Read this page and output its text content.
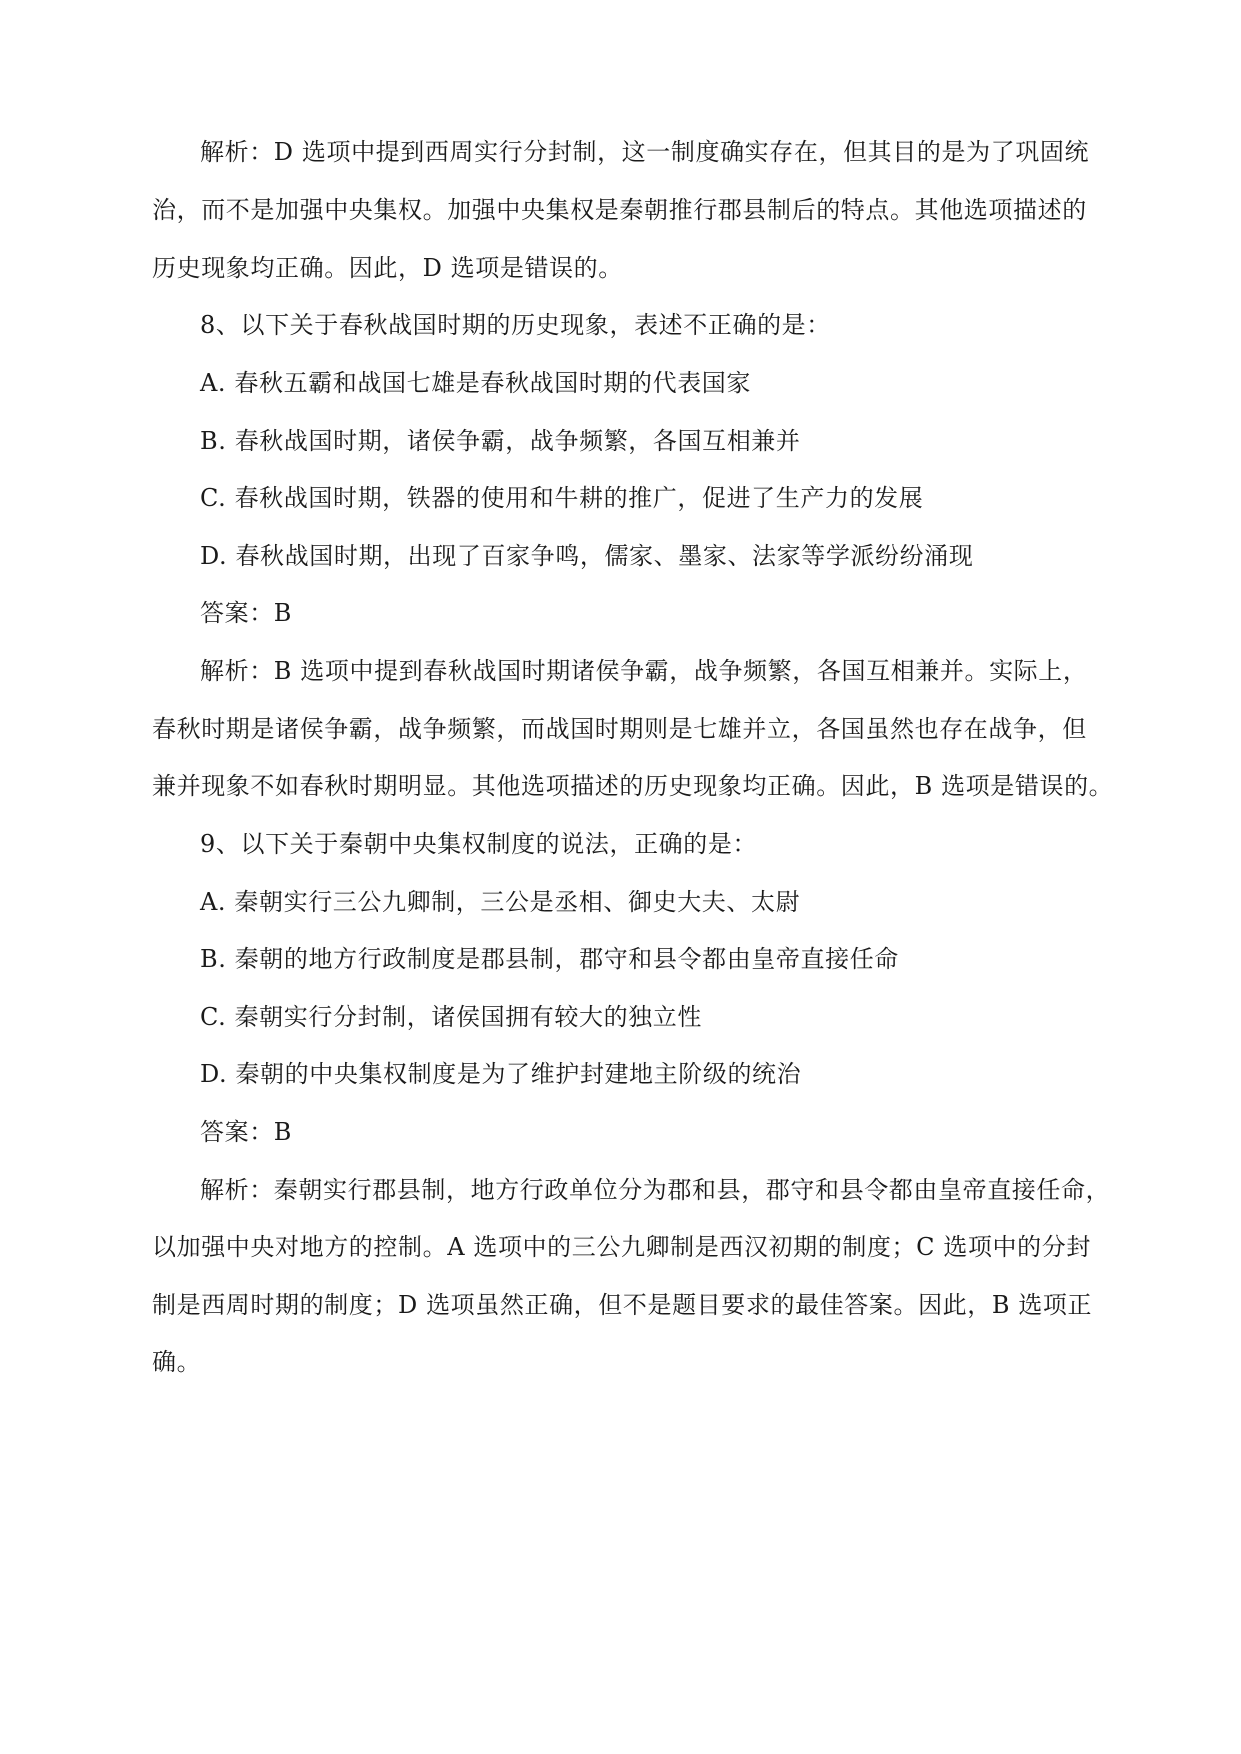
解析：D 选项中提到西周实行分封制，这一制度确实存在，但其目的是为了巩固统
治，而不是加强中央集权。加强中央集权是秦朝推行郡县制后的特点。其他选项描述的
历史现象均正确。因此，D 选项是错误的。
8、以下关于春秋战国时期的历史现象，表述不正确的是：
A. 春秋五霸和战国七雄是春秋战国时期的代表国家
B. 春秋战国时期，诸侯争霸，战争频繁，各国互相兼并
C. 春秋战国时期，铁器的使用和牛耕的推广，促进了生产力的发展
D. 春秋战国时期，出现了百家争鸣，儒家、墨家、法家等学派纷纷涌现
答案：B
解析：B 选项中提到春秋战国时期诸侯争霸，战争频繁，各国互相兼并。实际上，
春秋时期是诸侯争霸，战争频繁，而战国时期则是七雄并立，各国虽然也存在战争，但
兼并现象不如春秋时期明显。其他选项描述的历史现象均正确。因此，B 选项是错误的。
9、以下关于秦朝中央集权制度的说法，正确的是：
A. 秦朝实行三公九卿制，三公是丞相、御史大夫、太尉
B. 秦朝的地方行政制度是郡县制，郡守和县令都由皇帝直接任命
C. 秦朝实行分封制，诸侯国拥有较大的独立性
D. 秦朝的中央集权制度是为了维护封建地主阶级的统治
答案：B
解析：秦朝实行郡县制，地方行政单位分为郡和县，郡守和县令都由皇帝直接任命，
以加强中央对地方的控制。A 选项中的三公九卿制是西汉初期的制度；C 选项中的分封
制是西周时期的制度；D 选项虽然正确，但不是题目要求的最佳答案。因此，B 选项正
确。
